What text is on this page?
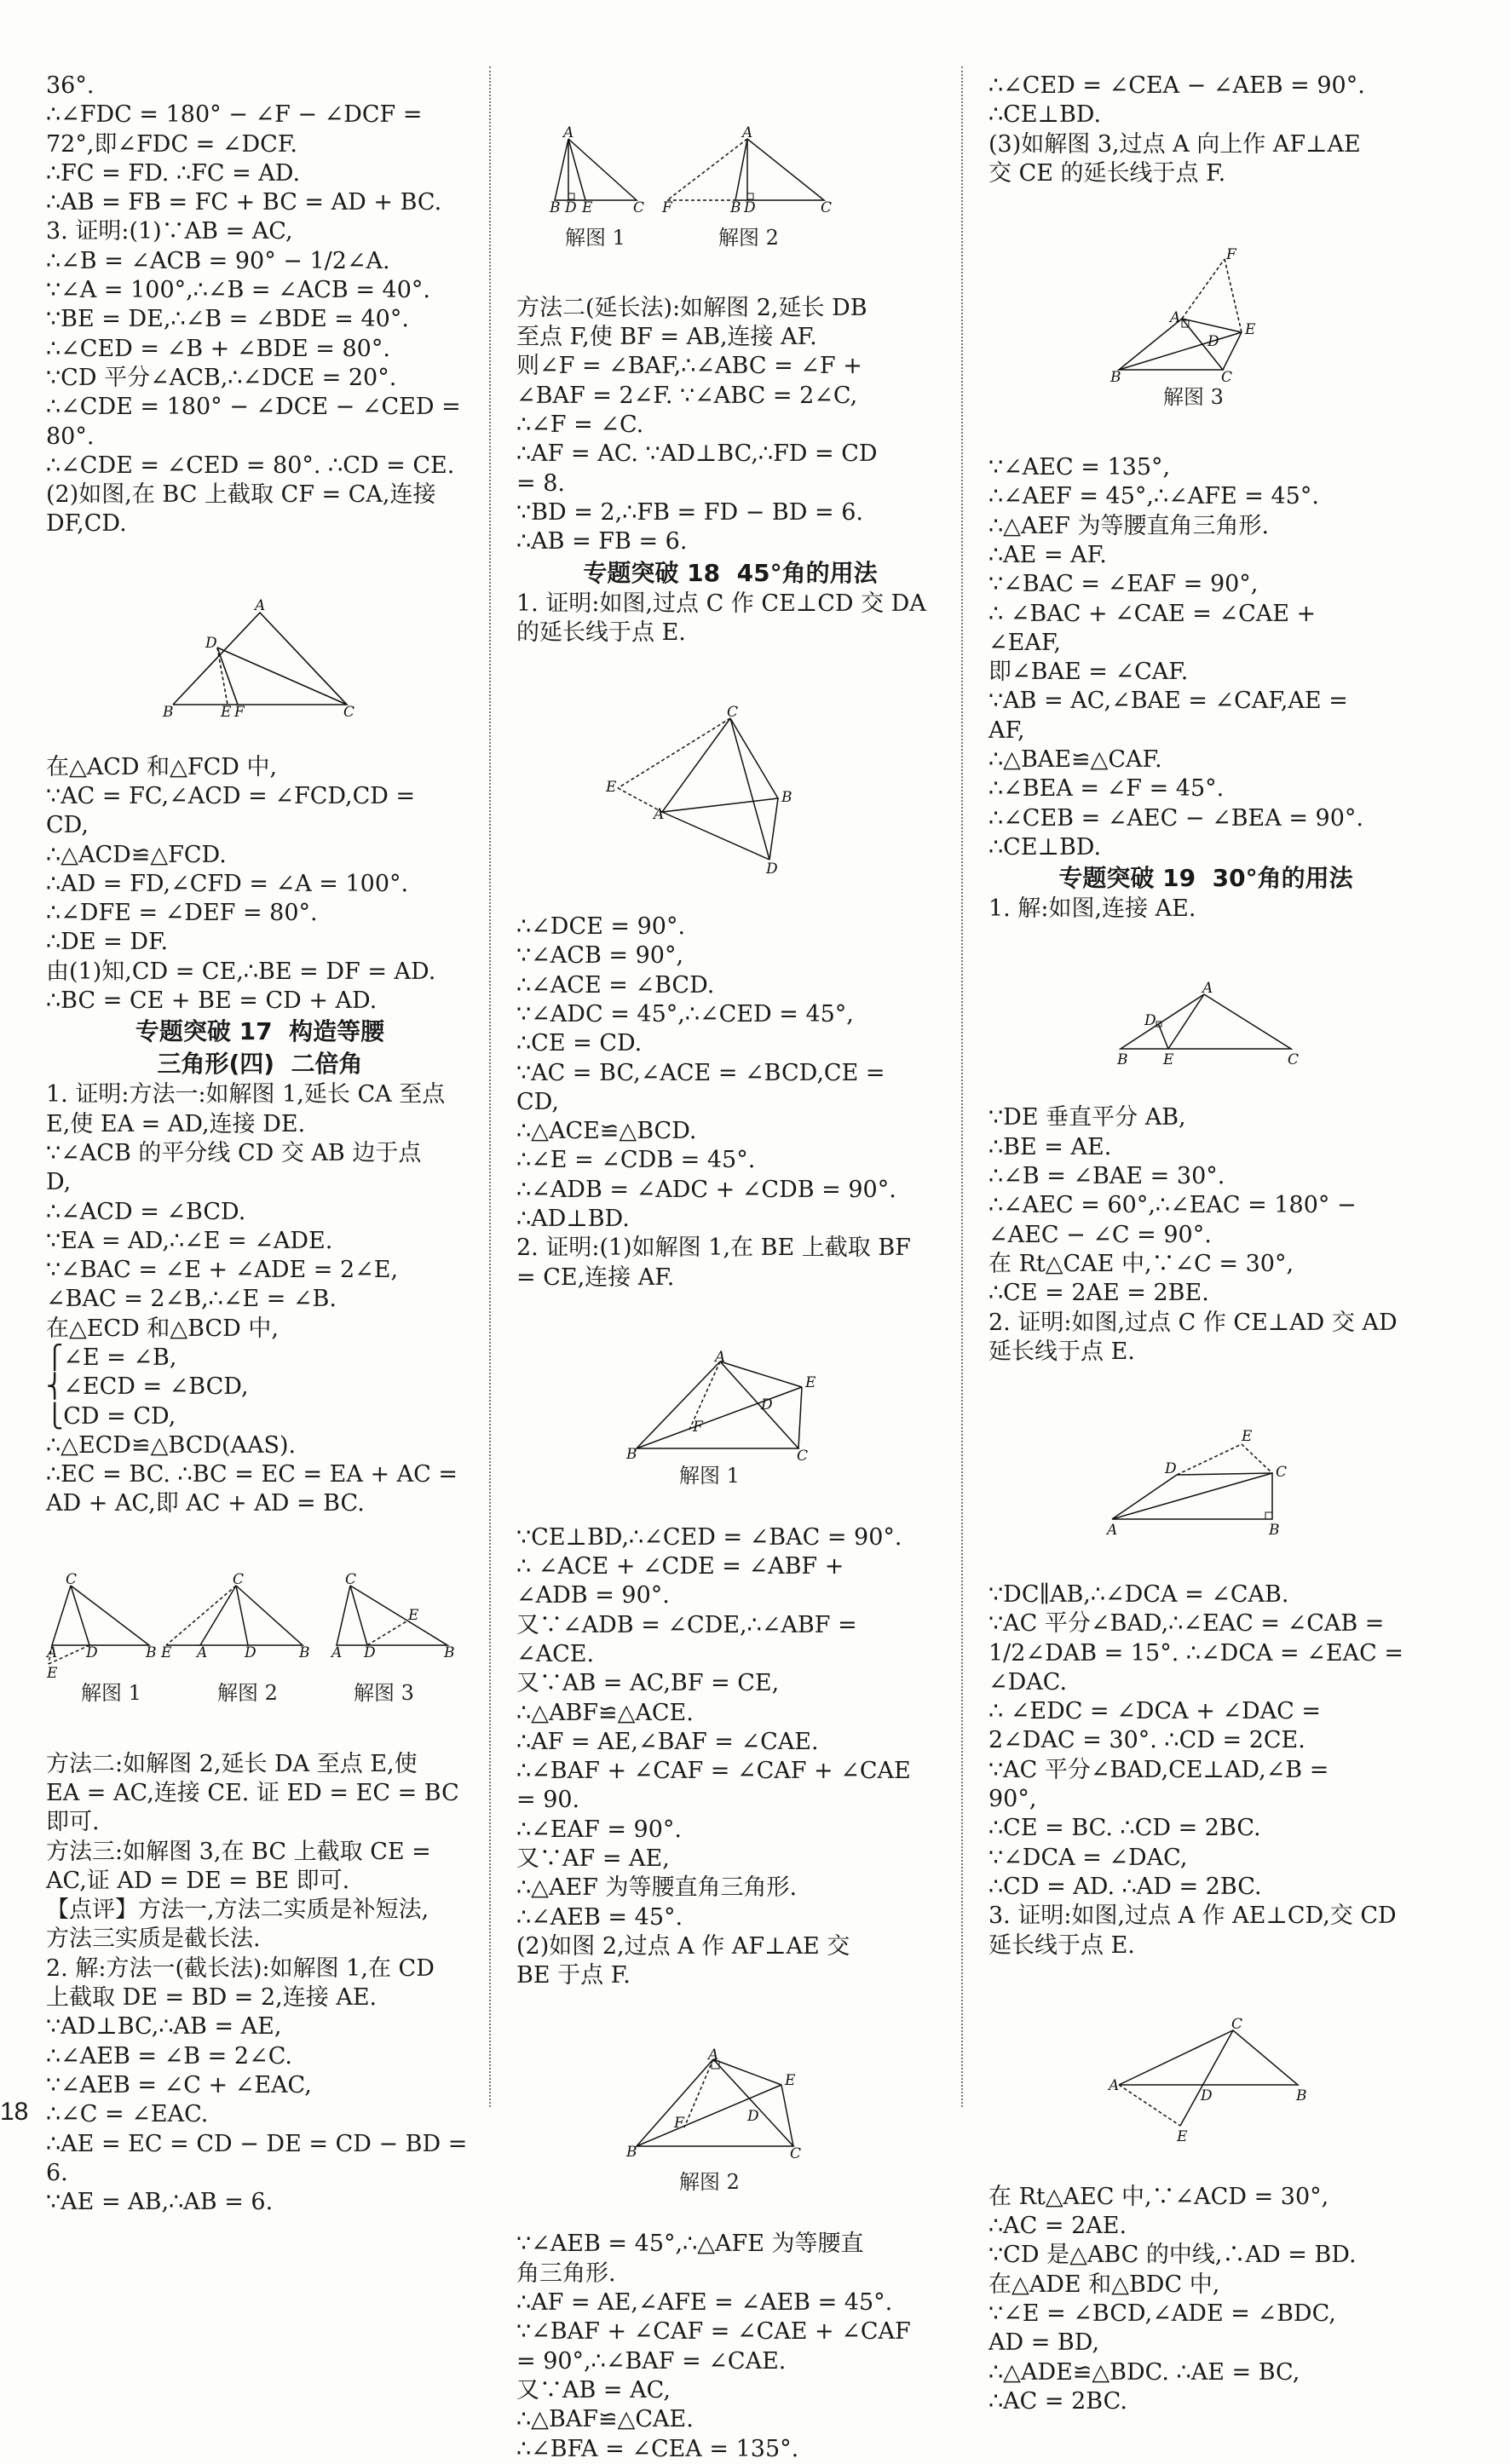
36°.
∴∠FDC = 180° − ∠F − ∠DCF =
72°,即∠FDC = ∠DCF.
∴FC = FD. ∴FC = AD.
∴AB = FB = FC + BC = AD + BC.
3. 证明:(1)∵AB = AC,
∴∠B = ∠ACB = 90° − 1/2∠A.
∵∠A = 100°,∴∠B = ∠ACB = 40°.
∵BE = DE,∴∠B = ∠BDE = 40°.
∴∠CED = ∠B + ∠BDE = 80°.
∵CD 平分∠ACB,∴∠DCE = 20°.
∴∠CDE = 180° − ∠DCE − ∠CED =
80°.
∴∠CDE = ∠CED = 80°. ∴CD = CE.
(2)如图,在 BC 上截取 CF = CA,连接
DF,CD.

A
D
B	E F	C

在△ACD 和△FCD 中,
∵AC = FC,∠ACD = ∠FCD,CD =
CD,
∴△ACD≌△FCD.
∴AD = FD,∠CFD = ∠A = 100°.
∴∠DFE = ∠DEF = 80°.
∴DE = DF.
由(1)知,CD = CE,∴BE = DF = AD.
∴BC = CE + BE = CD + AD.
专题突破 17  构造等腰
三角形(四)  二倍角
1. 证明:方法一:如解图 1,延长 CA 至点
E,使 EA = AD,连接 DE.
∵∠ACB 的平分线 CD 交 AB 边于点
D,
∴∠ACD = ∠BCD.
∵EA = AD,∴∠E = ∠ADE.
∵∠BAC = ∠E + ∠ADE = 2∠E,
∠BAC = 2∠B,∴∠E = ∠B.
在△ECD 和△BCD 中,
⎧∠E = ∠B,
⎨∠ECD = ∠BCD,
⎩CD = CD,
∴△ECD≌△BCD(AAS).
∴EC = BC. ∴BC = EC = EA + AC =
AD + AC,即 AC + AD = BC.

C
A D	B
E
C
E A	D	B
C
E
A D	B
解图 1	解图 2	解图 3

方法二:如解图 2,延长 DA 至点 E,使
EA = AC,连接 CE. 证 ED = EC = BC
即可.
方法三:如解图 3,在 BC 上截取 CE =
AC,证 AD = DE = BE 即可.
【点评】方法一,方法二实质是补短法,
方法三实质是截长法.
2. 解:方法一(截长法):如解图 1,在 CD
上截取 DE = BD = 2,连接 AE.
∵AD⊥BC,∴AB = AE,
∴∠AEB = ∠B = 2∠C.
∵∠AEB = ∠C + ∠EAC,
∴∠C = ∠EAC.
∴AE = EC = CD − DE = CD − BD =
6.
∵AE = AB,∴AB = 6.

A
B D E	C
A
F	B D	C
解图 1	解图 2

方法二(延长法):如解图 2,延长 DB
至点 F,使 BF = AB,连接 AF.
则∠F = ∠BAF,∴∠ABC = ∠F +
∠BAF = 2∠F. ∵∠ABC = 2∠C,
∴∠F = ∠C.
∴AF = AC. ∵AD⊥BC,∴FD = CD
= 8.
∵BD = 2,∴FB = FD − BD = 6.
∴AB = FB = 6.
专题突破 18  45°角的用法
1. 证明:如图,过点 C 作 CE⊥CD 交 DA
的延长线于点 E.

C
E
A
B
D

∴∠DCE = 90°.
∵∠ACB = 90°,
∴∠ACE = ∠BCD.
∵∠ADC = 45°,∴∠CED = 45°,
∴CE = CD.
∵AC = BC,∠ACE = ∠BCD,CE =
CD,
∴△ACE≌△BCD.
∴∠E = ∠CDB = 45°.
∴∠ADB = ∠ADC + ∠CDB = 90°.
∴AD⊥BD.
2. 证明:(1)如解图 1,在 BE 上截取 BF
= CE,连接 AF.

A
E
D
F
B	C
解图 1

∵CE⊥BD,∴∠CED = ∠BAC = 90°.
∴ ∠ACE + ∠CDE = ∠ABF +
∠ADB = 90°.
又∵∠ADB = ∠CDE,∴∠ABF =
∠ACE.
又∵AB = AC,BF = CE,
∴△ABF≌△ACE.
∴AF = AE,∠BAF = ∠CAE.
∴∠BAF + ∠CAF = ∠CAF + ∠CAE
= 90.
∴∠EAF = 90°.
又∵AF = AE,
∴△AEF 为等腰直角三角形.
∴∠AEB = 45°.
(2)如图 2,过点 A 作 AF⊥AE 交
BE 于点 F.

A
E
D
F
B	C
解图 2

∵∠AEB = 45°,∴△AFE 为等腰直
角三角形.
∴AF = AE,∠AFE = ∠AEB = 45°.
∵∠BAF + ∠CAF = ∠CAE + ∠CAF
= 90°,∴∠BAF = ∠CAE.
又∵AB = AC,
∴△BAF≌△CAE.
∴∠BFA = ∠CEA = 135°.
∴∠CED = ∠CEA − ∠AEB = 90°.
∴CE⊥BD.
(3)如解图 3,过点 A 向上作 AF⊥AE
交 CE 的延长线于点 F.

F
A
E
D
B	C
解图 3

∵∠AEC = 135°,
∴∠AEF = 45°,∴∠AFE = 45°.
∴△AEF 为等腰直角三角形.
∴AE = AF.
∵∠BAC = ∠EAF = 90°,
∴ ∠BAC + ∠CAE = ∠CAE +
∠EAF,
即∠BAE = ∠CAF.
∵AB = AC,∠BAE = ∠CAF,AE =
AF,
∴△BAE≌△CAF.
∴∠BEA = ∠F = 45°.
∴∠CEB = ∠AEC − ∠BEA = 90°.
∴CE⊥BD.
专题突破 19  30°角的用法
1. 解:如图,连接 AE.

A
D
B E	C

∵DE 垂直平分 AB,
∴BE = AE.
∴∠B = ∠BAE = 30°.
∴∠AEC = 60°,∴∠EAC = 180° −
∠AEC − ∠C = 90°.
在 Rt△CAE 中,∵∠C = 30°,
∴CE = 2AE = 2BE.
2. 证明:如图,过点 C 作 CE⊥AD 交 AD
延长线于点 E.

E
D	C
A	B

∵DC∥AB,∴∠DCA = ∠CAB.
∵AC 平分∠BAD,∴∠EAC = ∠CAB =
1/2∠DAB = 15°. ∴∠DCA = ∠EAC =
∠DAC.
∴ ∠EDC = ∠DCA + ∠DAC =
2∠DAC = 30°. ∴CD = 2CE.
∵AC 平分∠BAD,CE⊥AD,∠B =
90°,
∴CE = BC. ∴CD = 2BC.
∵∠DCA = ∠DAC,
∴CD = AD. ∴AD = 2BC.
3. 证明:如图,过点 A 作 AE⊥CD,交 CD
延长线于点 E.

C
A
D	B
E

在 Rt△AEC 中,∵∠ACD = 30°,
∴AC = 2AE.
∵CD 是△ABC 的中线,∴AD = BD.
在△ADE 和△BDC 中,
∵∠E = ∠BCD,∠ADE = ∠BDC,
AD = BD,
∴△ADE≌△BDC. ∴AE = BC,
∴AC = 2BC.
18
